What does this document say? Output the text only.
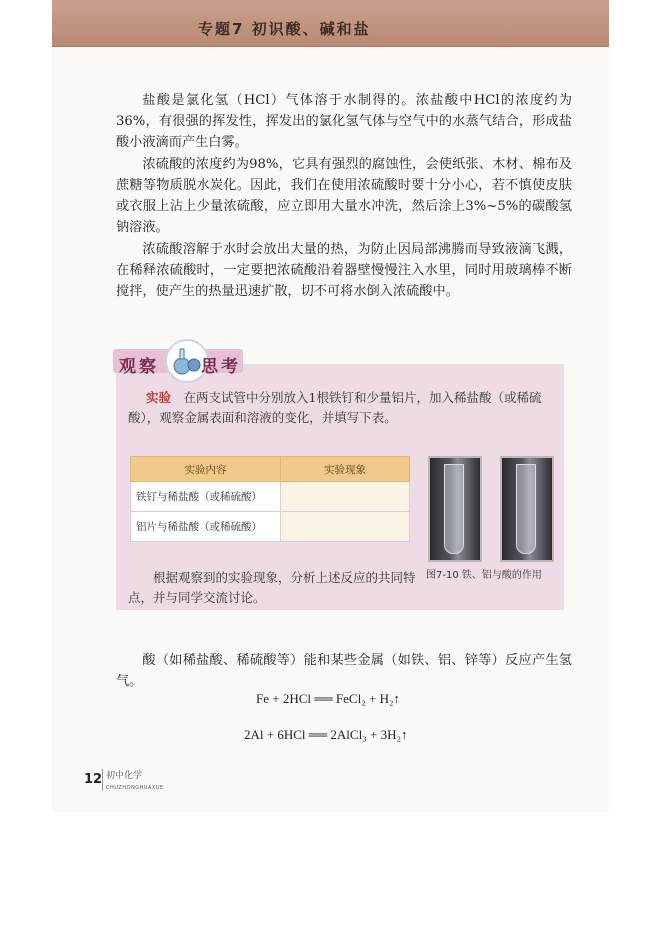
专题7 初识酸、碱和盐

盐酸是氯化氢（HCl）气体溶于水制得的。浓盐酸中HCl的浓度约为36%，有很强的挥发性，挥发出的氯化氢气体与空气中的水蒸气结合，形成盐酸小液滴而产生白雾。

浓硫酸的浓度约为98%，它具有强烈的腐蚀性，会使纸张、木材、棉布及蔗糖等物质脱水炭化。因此，我们在使用浓硫酸时要十分小心，若不慎使皮肤或衣服上沾上少量浓硫酸，应立即用大量水冲洗，然后涂上3%~5%的碳酸氢钠溶液。

浓硫酸溶解于水时会放出大量的热，为防止因局部沸腾而导致液滴飞溅，在稀释浓硫酸时，一定要把浓硫酸沿着器壁慢慢注入水里，同时用玻璃棒不断搅拌，使产生的热量迅速扩散，切不可将水倒入浓硫酸中。

观察 思考

实验　 在两支试管中分别放入1根铁钉和少量铝片，加入稀盐酸（或稀硫酸），观察金属表面和溶液的变化，并填写下表。

实验内容	实验现象
铁钉与稀盐酸（或稀硫酸）	
铝片与稀盐酸（或稀硫酸）	
图7-10 铁、铝与酸的作用

根据观察到的实验现象，分析上述反应的共同特点，并与同学交流讨论。

酸（如稀盐酸、稀硫酸等）能和某些金属（如铁、铝、锌等）反应产生氢气。

Fe + 2HCl ══ FeCl₂ + H₂↑
2Al + 6HCl ══ 2AlCl₃ + 3H₂↑
12 初中化学
CHUZHONGHUAXUE
